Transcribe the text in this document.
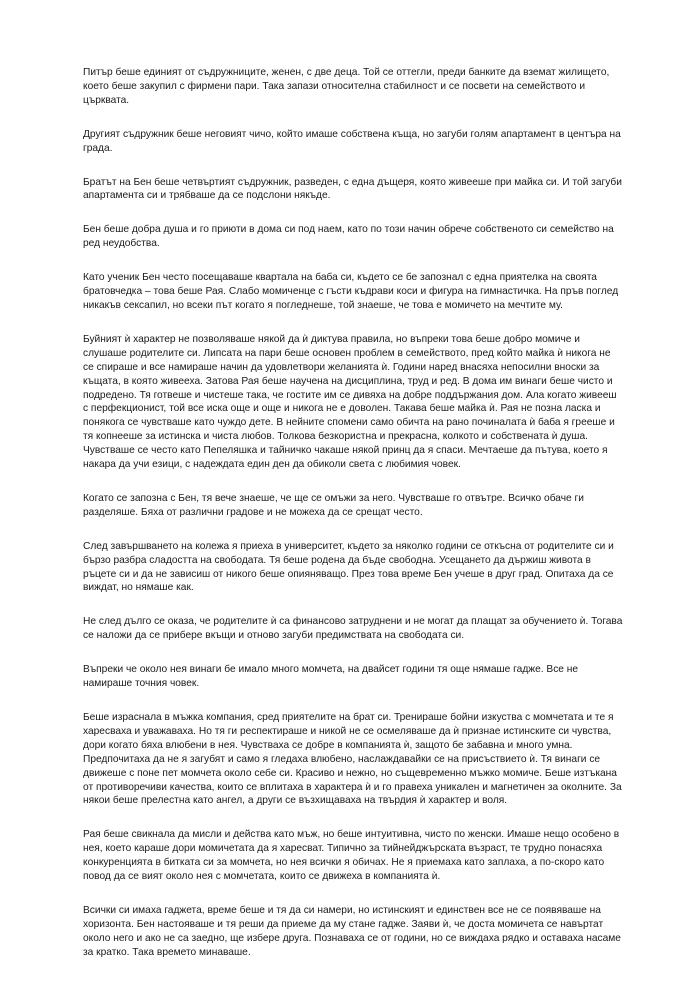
Питър беше единият от съдружниците, женен, с две деца. Той се оттегли, преди банките да вземат жилището, което беше закупил с фирмени пари. Така запази относителна стабилност и се посвети на семейството и църквата.

Другият съдружник беше неговият чичо, който имаше собствена къща, но загуби голям апартамент в центъра на града.

Братът на Бен беше четвъртият съдружник, разведен, с една дъщеря, която живееше при майка си. И той загуби апартамента си и трябваше да се подслони някъде.

Бен беше добра душа и го приюти в дома си под наем, като по този начин обрече собственото си семейство на ред неудобства.

Като ученик Бен често посещаваше квартала на баба си, където се бе запознал с една приятелка на своята братовчедка – това беше Рая. Слабо момиченце с гъсти къдрави коси и фигура на гимнастичка. На пръв поглед никакъв сексапил, но всеки път когато я погледнеше, той знаеше, че това е момичето на мечтите му.

Буйният ѝ характер не позволяваше някой да ѝ диктува правила, но въпреки това беше добро момиче и слушаше родителите си. Липсата на пари беше основен проблем в семейството, пред който майка ѝ никога не се спираше и все намираше начин да удовлетвори желанията ѝ. Години наред внасяха непосилни вноски за къщата, в която живееха. Затова Рая беше научена на дисциплина, труд и ред. В дома им винаги беше чисто и подредено. Тя готвеше и чистеше така, че гостите им се дивяха на добре поддържания дом. Ала когато живееш с перфекционист, той все иска още и още и никога не е доволен. Такава беше майка ѝ. Рая не позна ласка и понякога се чувстваше като чуждо дете. В нейните спомени само обичта на рано починалата ѝ баба я грееше и тя копнееше за истинска и чиста любов. Толкова безкористна и прекрасна, колкото и собствената ѝ душа. Чувстваше се често като Пепеляшка и тайничко чакаше някой принц да я спаси. Мечтаеше да пътува, което я накара да учи езици, с надеждата един ден да обиколи света с любимия човек.

Когато се запозна с Бен, тя вече знаеше, че ще се омъжи за него. Чувстваше го отвътре. Всичко обаче ги разделяше. Бяха от различни градове и не можеха да се срещат често.

След завършването на колежа я приеха в университет, където за няколко години се откъсна от родителите си и бързо разбра сладостта на свободата. Тя беше родена да бъде свободна. Усещането да държиш живота в ръцете си и да не зависиш от никого беше опияняващо. През това време Бен учеше в друг град. Опитаха да се виждат, но нямаше как.

Не след дълго се оказа, че родителите ѝ са финансово затруднени и не могат да плащат за обучението ѝ. Тогава се наложи да се прибере вкъщи и отново загуби предимствата на свободата си.

Въпреки че около нея винаги бе имало много момчета, на двайсет години тя още нямаше гадже. Все не намираше точния човек.

Беше израснала в мъжка компания, сред приятелите на брат си. Тренираше бойни изкуства с момчетата и те я харесваха и уважаваха. Но тя ги респектираше и никой не се осмеляваше да ѝ признае истинските си чувства, дори когато бяха влюбени в нея. Чувстваха се добре в компанията ѝ, защото бе забавна и много умна. Предпочитаха да не я загубят и само я гледаха влюбено, наслаждавайки се на присъствието ѝ. Тя винаги се движеше с поне пет момчета около себе си. Красиво и нежно, но същевременно мъжко момиче. Беше изтъкана от противоречиви качества, които се вплитаха в характера ѝ и го правеха уникален и магнетичен за околните. За някои беше прелестна като ангел, а други се възхищаваха на твърдия ѝ характер и воля.

Рая беше свикнала да мисли и действа като мъж, но беше интуитивна, чисто по женски. Имаше нещо особено в нея, което караше дори момичетата да я харесват. Типично за тийнейджърската възраст, те трудно понасяха конкуренцията в битката си за момчета, но нея всички я обичах. Не я приемаха като заплаха, а по-скоро като повод да се вият около нея с момчетата, които се движеха в компанията ѝ.

Всички си имаха гаджета, време беше и тя да си намери, но истинският и единствен все не се появяваше на хоризонта. Бен настояваше и тя реши да приеме да му стане гадже. Заяви ѝ, че доста момичета се навъртат около него и ако не са заедно, ще избере друга. Познаваха се от години, но се виждаха рядко и оставаха насаме за кратко. Така времето минаваше.
